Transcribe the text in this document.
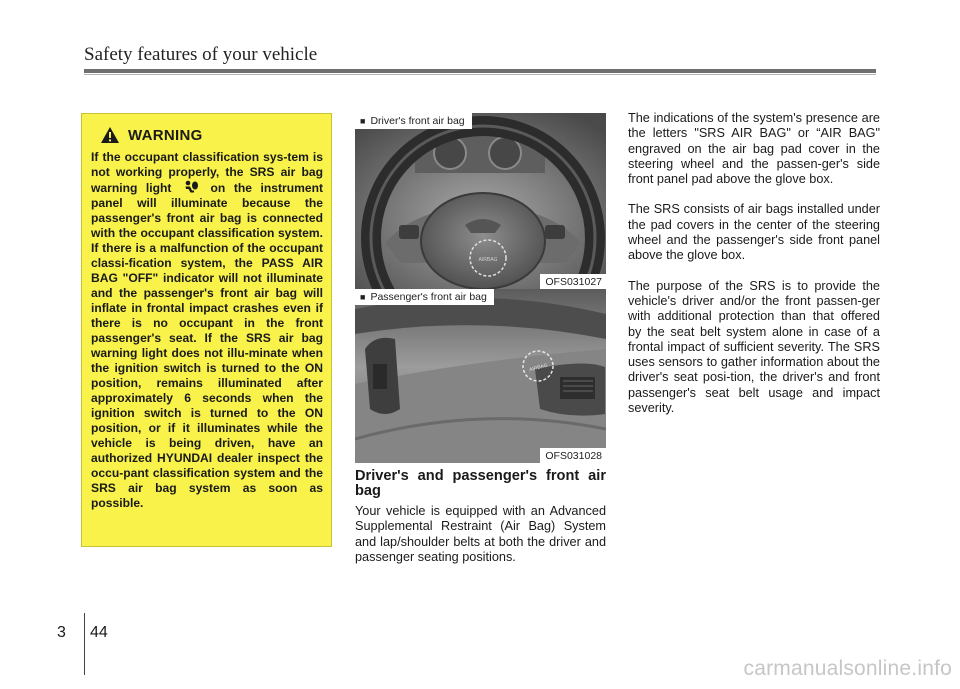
Safety features of your vehicle
WARNING
If the occupant classification sys-tem is not working properly, the SRS air bag warning light	on the instrument panel will illuminate because the passenger's front air bag is connected with the occupant classification system. If there is a malfunction of the occupant classi-fication system, the PASS AIR BAG "OFF" indicator will not illuminate and the passenger's front air bag will inflate in frontal impact crashes even if there is no occupant in the front passenger's seat. If the SRS air bag warning light does not illu-minate when the ignition switch is turned to the ON position, remains illuminated after approximately 6 seconds when the ignition switch is turned to the ON position, or if it illuminates while the vehicle is being driven, have an authorized HYUNDAI dealer inspect the occu-pant classification system and the SRS air bag system as soon as possible.
AIRBAG
■ Driver's front air bag
OFS031027
AIRBAG
■ Passenger's front air bag
OFS031028
Driver's and passenger's front air bag
Your vehicle is equipped with an Advanced Supplemental Restraint (Air Bag) System and lap/shoulder belts at both the driver and passenger seating positions.

The indications of the system's presence are the letters "SRS AIR BAG" or “AIR BAG" engraved on the air bag pad cover in the steering wheel and the passen-ger's side front panel pad above the glove box.

The SRS consists of air bags installed under the pad covers in the center of the steering wheel and the passenger's side front panel above the glove box.

The purpose of the SRS is to provide the vehicle's driver and/or the front passen-ger with additional protection than that offered by the seat belt system alone in case of a frontal impact of sufficient severity. The SRS uses sensors to gather information about the driver's seat posi-tion, the driver's and front passenger's seat belt usage and impact severity.

3 44
carmanualsonline.info
